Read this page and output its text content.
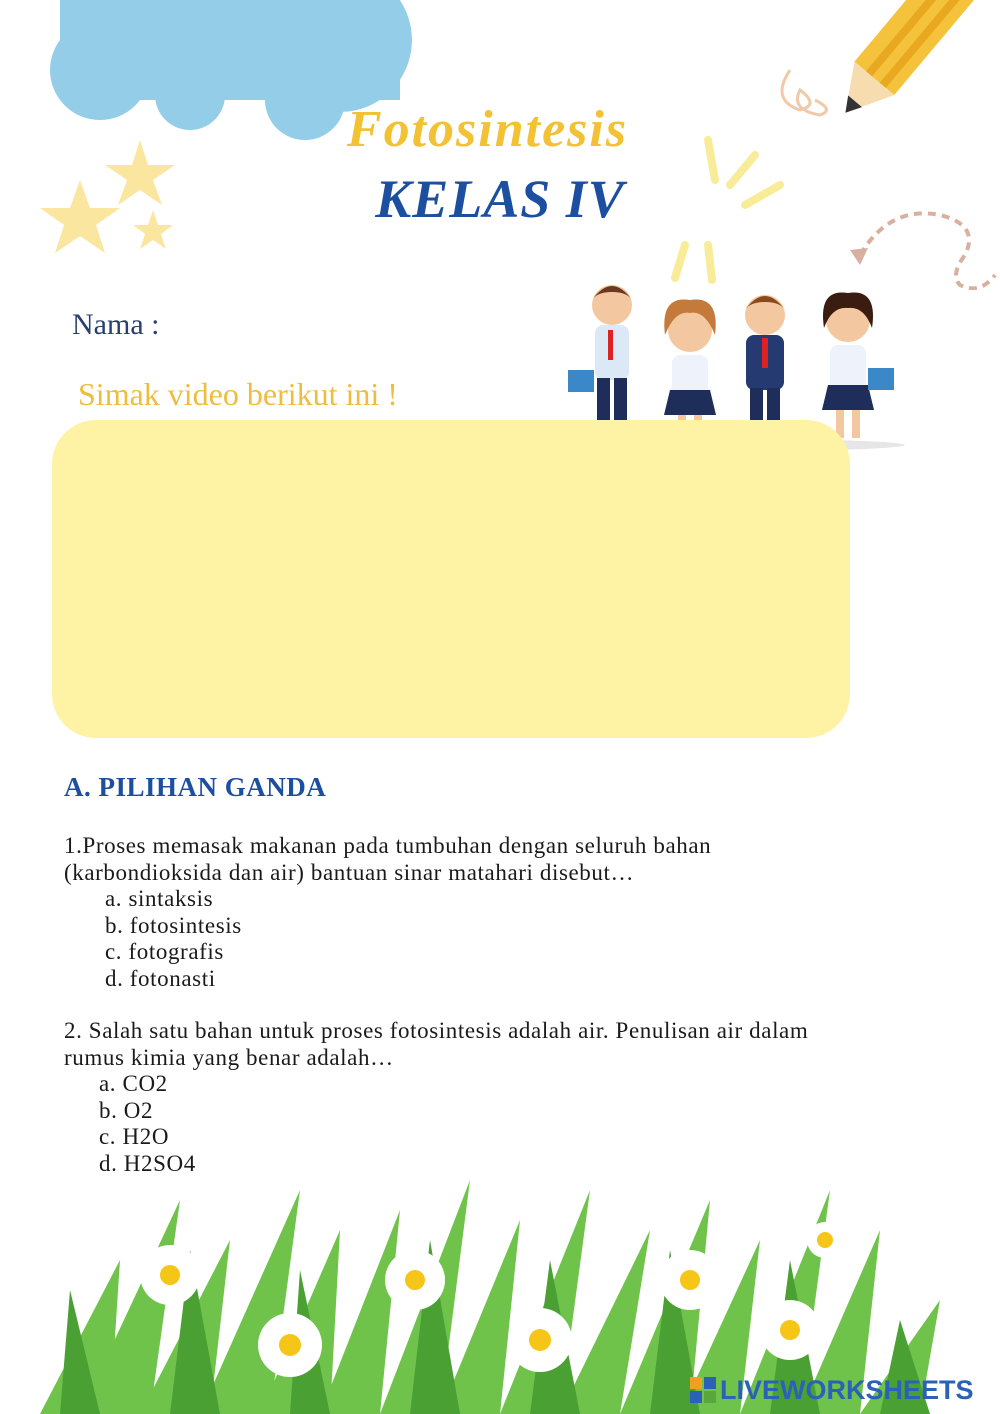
Fotosintesis
KELAS IV
Nama :
Simak video berikut ini !
A. PILIHAN GANDA
1.Proses memasak makanan pada tumbuhan dengan seluruh bahan
(karbondioksida dan air) bantuan sinar matahari disebut…
a. sintaksis
b. fotosintesis
c. fotografis
d. fotonasti
2. Salah satu bahan untuk proses fotosintesis adalah air. Penulisan air dalam
rumus kimia yang benar adalah…
a. CO2
b. O2
c. H2O
d. H2SO4
LIVEWORKSHEETS
